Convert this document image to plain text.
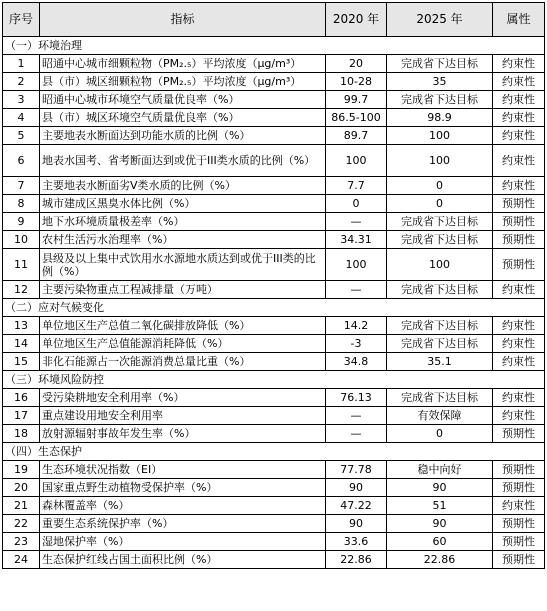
序号	指标	2020 年	2025 年	属性
（一）环境治理				
1	昭通中心城市细颗粒物（PM₂.₅）平均浓度（μg/m³）	20	完成省下达目标	约束性
2	县（市）城区细颗粒物（PM₂.₅）平均浓度（μg/m³）	10-28	35	约束性
3	昭通中心城市环境空气质量优良率（%）	99.7	完成省下达目标	约束性
4	县（市）城区环境空气质量优良率（%）	86.5-100	98.9	约束性
5	主要地表水断面达到功能水质的比例（%）	89.7	100	约束性
6	地表水国考、省考断面达到或优于III类水质的比例（%）	100	100	约束性
7	主要地表水断面劣V类水质的比例（%）	7.7	0	约束性
8	城市建成区黑臭水体比例（%）	0	0	预期性
9	地下水环境质量极差率（%）	—	完成省下达目标	预期性
10	农村生活污水治理率（%）	34.31	完成省下达目标	预期性
11	县级及以上集中式饮用水水源地水质达到或优于III类的比例（%）	100	100	预期性
12	主要污染物重点工程减排量（万吨）	—	完成省下达目标	约束性
（二）应对气候变化				
13	单位地区生产总值二氧化碳排放降低（%）	14.2	完成省下达目标	约束性
14	单位地区生产总值能源消耗降低（%）	-3	完成省下达目标	约束性
15	非化石能源占一次能源消费总量比重（%）	34.8	35.1	约束性
（三）环境风险防控				
16	受污染耕地安全利用率（%）	76.13	完成省下达目标	约束性
17	重点建设用地安全利用率	—	有效保障	约束性
18	放射源辐射事故年发生率（%）	—	0	预期性
（四）生态保护				
19	生态环境状况指数（EI）	77.78	稳中向好	预期性
20	国家重点野生动植物受保护率（%）	90	90	预期性
21	森林覆盖率（%）	47.22	51	约束性
22	重要生态系统保护率（%）	90	90	预期性
23	湿地保护率（%）	33.6	60	预期性
24	生态保护红线占国土面积比例（%）	22.86	22.86	预期性
